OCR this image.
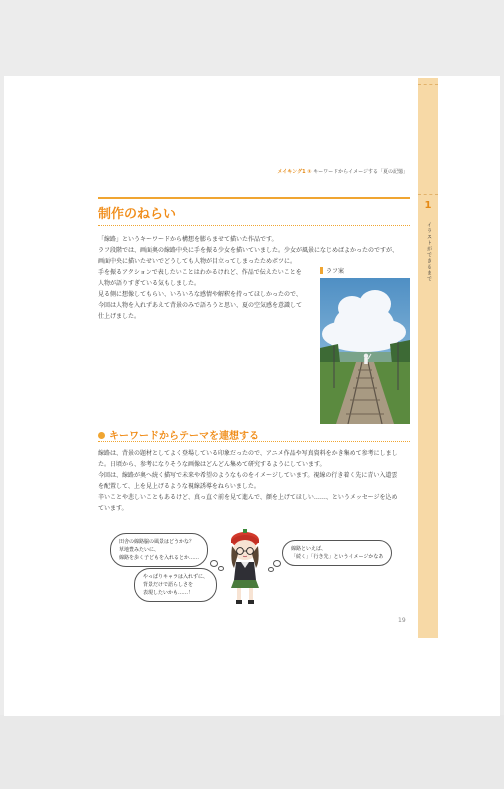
1
イラストができるまで
メイキング1 ① キーワードからイメージする「夏の記憶」
制作のねらい

「線路」というキーワードから構想を膨らませて描いた作品です。

ラフ段階では、画面奥の線路中央に手を振る少女を描いていました。少女が風景になじめばよかったのですが、

画面中央に描いたせいでどうしても人物が目立ってしまったためボツに。

手を振るアクションで表したいことはわかるけれど、作品で伝えたいことを

人物が語りすぎている気もしました。

見る側に想像してもらい、いろいろな感情や解釈を持ってほしかったので、

今回は人物を入れずあえて背景のみで語ろうと思い、夏の空気感を意識して

仕上げました。

ラフ案
キーワードからテーマを連想する

線路は、背景の題材としてよく登場している印象だったので、アニメ作品や写真資料をかき集めて参考にしまし

た。日頃から、参考になりそうな画像はどんどん集めて研究するようにしています。

今回は、線路が奥へ続く描写で未来や希望のようなものをイメージしています。視線の行き着く先に青い入道雲

を配置して、上を見上げるような視線誘導をねらいました。

辛いことや悲しいこともあるけど、真っ直ぐ前を見て進んで、顔を上げてほしい……、というメッセージを込め

ています。

田舎の線路脇の風景はどうかな？

草地豊みたいに、

線路を歩く子どもを入れるとか……

やっぱりキャラは入れずに、

背景だけで語らしさを

表現したいかも……！

線路といえば、

「続く」「行き先」というイメージかなあ

19
